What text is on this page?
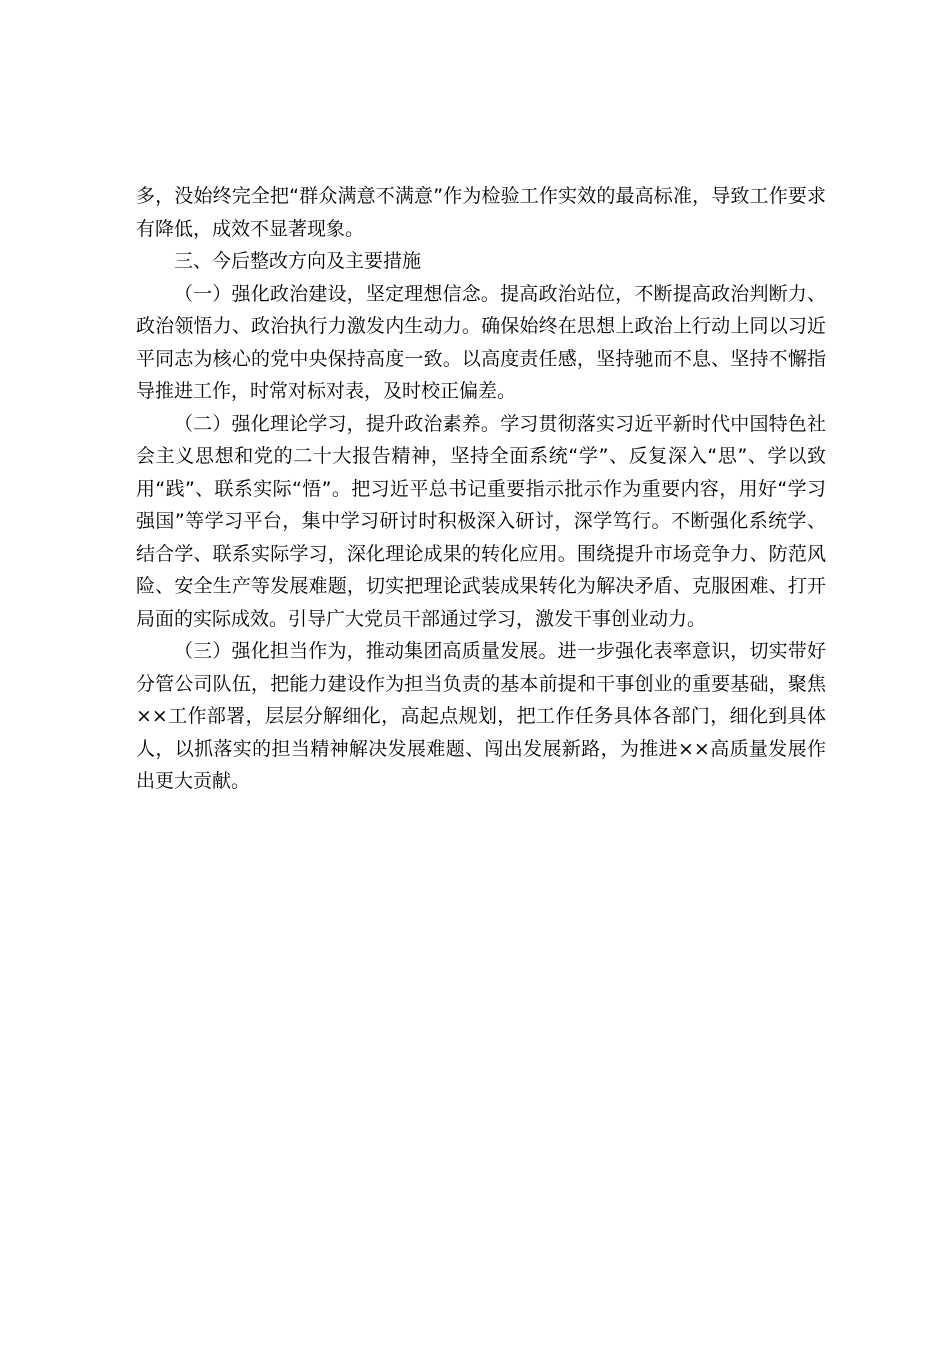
多，没始终完全把“群众满意不满意”作为检验工作实效的最高标准，导致工作要求有降低，成效不显著现象。

三、今后整改方向及主要措施

（一）强化政治建设，坚定理想信念。提高政治站位，不断提高政治判断力、政治领悟力、政治执行力激发内生动力。确保始终在思想上政治上行动上同以习近平同志为核心的党中央保持高度一致。以高度责任感，坚持驰而不息、坚持不懈指导推进工作，时常对标对表，及时校正偏差。

（二）强化理论学习，提升政治素养。学习贯彻落实习近平新时代中国特色社会主义思想和党的二十大报告精神，坚持全面系统“学”、反复深入“思”、学以致用“践”、联系实际“悟”。把习近平总书记重要指示批示作为重要内容，用好“学习强国”等学习平台，集中学习研讨时积极深入研讨，深学笃行。不断强化系统学、结合学、联系实际学习，深化理论成果的转化应用。围绕提升市场竞争力、防范风险、安全生产等发展难题，切实把理论武装成果转化为解决矛盾、克服困难、打开局面的实际成效。引导广大党员干部通过学习，激发干事创业动力。

（三）强化担当作为，推动集团高质量发展。进一步强化表率意识，切实带好分管公司队伍，把能力建设作为担当负责的基本前提和干事创业的重要基础，聚焦××工作部署，层层分解细化，高起点规划，把工作任务具体各部门，细化到具体人，以抓落实的担当精神解决发展难题、闯出发展新路，为推进××高质量发展作出更大贡献。
